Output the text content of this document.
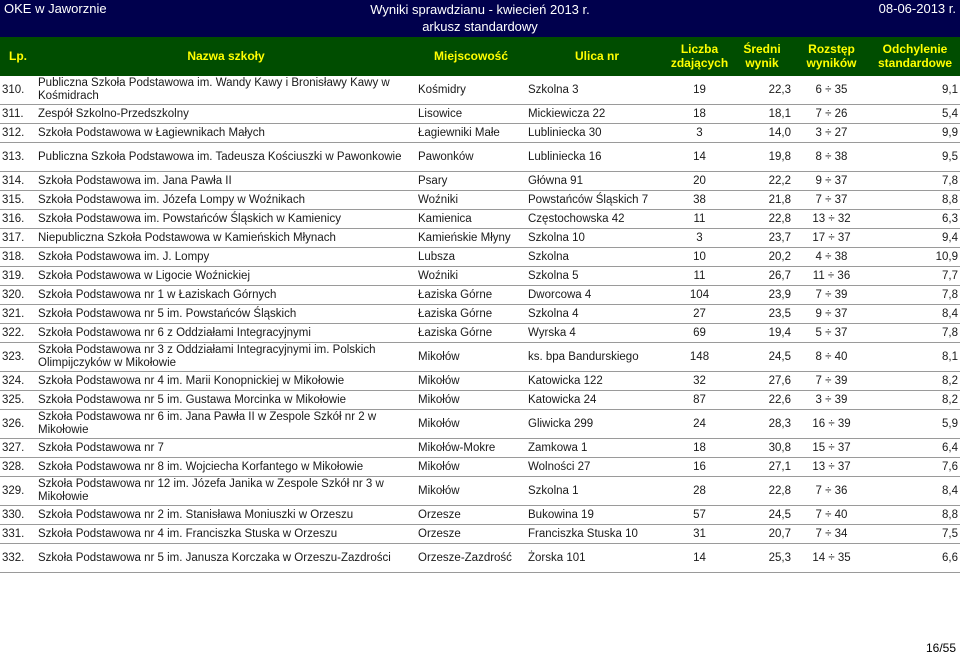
OKE w Jaworznie	Wyniki sprawdzianu - kwiecień 2013 r.
arkusz standardowy
08-06-2013 r.
Lp.	Nazwa szkoły	Miejscowość	Ulica nr	Liczba zdających	Średni wynik	Rozstęp wyników	Odchylenie standardowe
310.	Publiczna Szkoła Podstawowa im. Wandy Kawy i Bronisławy Kawy w Kośmidrach	Kośmidry	Szkolna 3	19	22,3	6 ÷ 35	9,1
311.	Zespół Szkolno-Przedszkolny	Lisowice	Mickiewicza 22	18	18,1	7 ÷ 26	5,4
312.	Szkoła Podstawowa w Łagiewnikach Małych	Łagiewniki Małe	Lubliniecka 30	3	14,0	3 ÷ 27	9,9
313.	Publiczna Szkoła Podstawowa im. Tadeusza Kościuszki w Pawonkowie	Pawonków	Lubliniecka 16	14	19,8	8 ÷ 38	9,5
314.	Szkoła Podstawowa im. Jana Pawła II	Psary	Główna 91	20	22,2	9 ÷ 37	7,8
315.	Szkoła Podstawowa im. Józefa Lompy w Woźnikach	Woźniki	Powstańców Śląskich 7	38	21,8	7 ÷ 37	8,8
316.	Szkoła Podstawowa im. Powstańców Śląskich w Kamienicy	Kamienica	Częstochowska 42	11	22,8	13 ÷ 32	6,3
317.	Niepubliczna Szkoła Podstawowa w Kamieńskich Młynach	Kamieńskie Młyny	Szkolna 10	3	23,7	17 ÷ 37	9,4
318.	Szkoła Podstawowa im. J. Lompy	Lubsza	Szkolna	10	20,2	4 ÷ 38	10,9
319.	Szkoła Podstawowa w Ligocie Woźnickiej	Woźniki	Szkolna 5	11	26,7	11 ÷ 36	7,7
320.	Szkoła Podstawowa nr 1 w Łaziskach Górnych	Łaziska Górne	Dworcowa 4	104	23,9	7 ÷ 39	7,8
321.	Szkoła Podstawowa nr 5 im. Powstańców Śląskich	Łaziska Górne	Szkolna 4	27	23,5	9 ÷ 37	8,4
322.	Szkoła Podstawowa nr 6 z Oddziałami Integracyjnymi	Łaziska Górne	Wyrska 4	69	19,4	5 ÷ 37	7,8
323.	Szkoła Podstawowa nr 3 z Oddziałami Integracyjnymi im. Polskich Olimpijczyków w Mikołowie	Mikołów	ks. bpa Bandurskiego	148	24,5	8 ÷ 40	8,1
324.	Szkoła Podstawowa nr 4 im. Marii Konopnickiej w Mikołowie	Mikołów	Katowicka 122	32	27,6	7 ÷ 39	8,2
325.	Szkoła Podstawowa nr 5 im. Gustawa Morcinka w Mikołowie	Mikołów	Katowicka 24	87	22,6	3 ÷ 39	8,2
326.	Szkoła Podstawowa nr 6 im. Jana Pawła II w Zespole Szkół nr 2 w Mikołowie	Mikołów	Gliwicka 299	24	28,3	16 ÷ 39	5,9
327.	Szkoła Podstawowa nr 7	Mikołów-Mokre	Zamkowa 1	18	30,8	15 ÷ 37	6,4
328.	Szkoła Podstawowa nr 8 im. Wojciecha Korfantego w Mikołowie	Mikołów	Wolności 27	16	27,1	13 ÷ 37	7,6
329.	Szkoła Podstawowa nr 12 im. Józefa Janika w Zespole Szkół nr 3 w Mikołowie	Mikołów	Szkolna 1	28	22,8	7 ÷ 36	8,4
330.	Szkoła Podstawowa nr 2 im. Stanisława Moniuszki w Orzeszu	Orzesze	Bukowina 19	57	24,5	7 ÷ 40	8,8
331.	Szkoła Podstawowa nr 4 im. Franciszka Stuska w Orzeszu	Orzesze	Franciszka Stuska 10	31	20,7	7 ÷ 34	7,5
332.	Szkoła Podstawowa nr 5 im. Janusza Korczaka w Orzeszu-Zazdrości	Orzesze-Zazdrość	Żorska 101	14	25,3	14 ÷ 35	6,6
16/55
